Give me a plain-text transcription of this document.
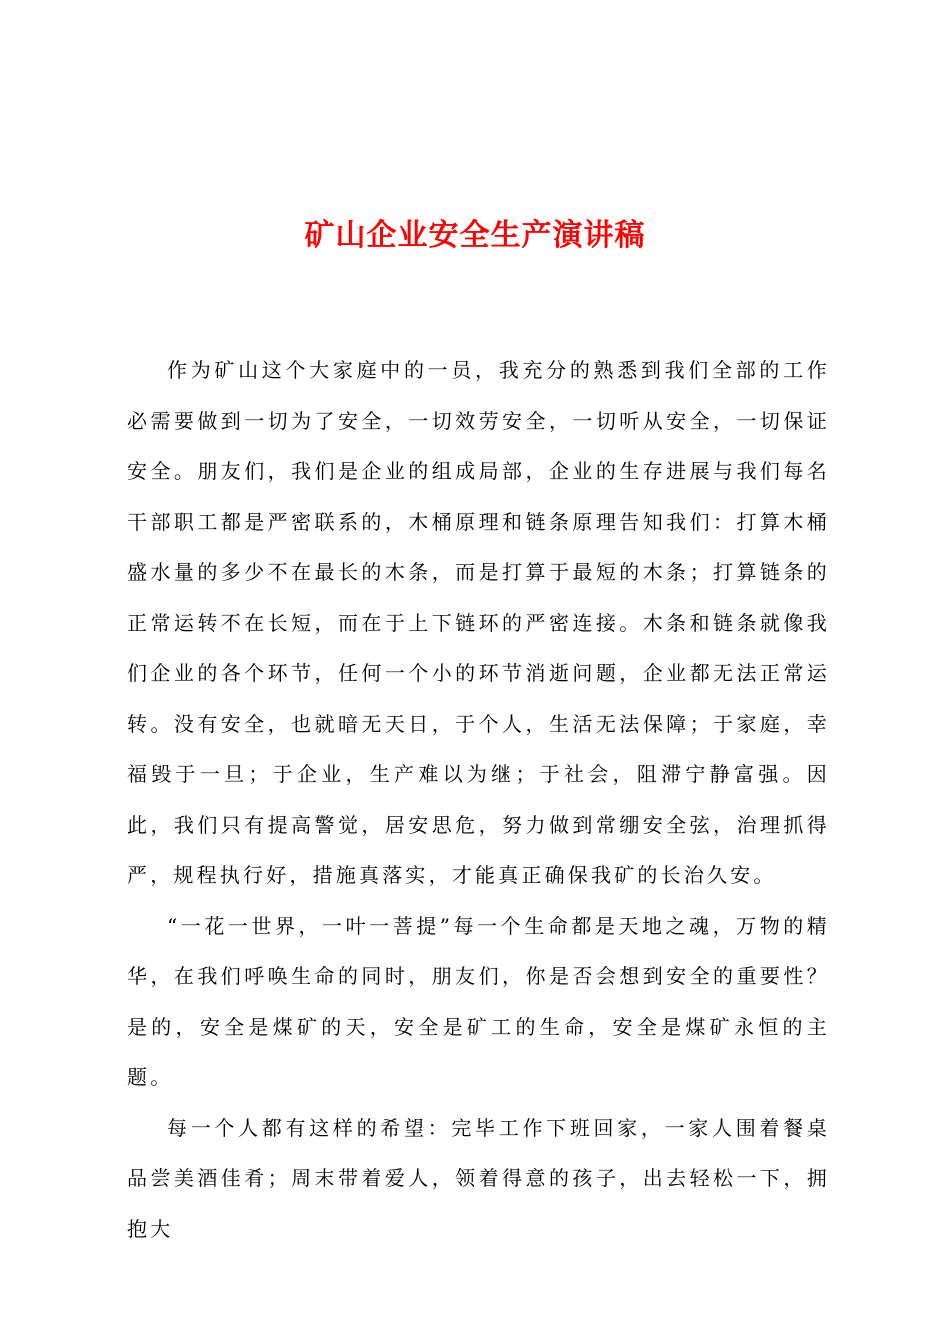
矿山企业安全生产演讲稿

作为矿山这个大家庭中的一员，我充分的熟悉到我们全部的工作必需要做到一切为了安全，一切效劳安全，一切听从安全，一切保证安全。朋友们，我们是企业的组成局部，企业的生存进展与我们每名干部职工都是严密联系的，木桶原理和链条原理告知我们：打算木桶盛水量的多少不在最长的木条，而是打算于最短的木条；打算链条的正常运转不在长短，而在于上下链环的严密连接。木条和链条就像我们企业的各个环节，任何一个小的环节消逝问题，企业都无法正常运转。没有安全，也就暗无天日，于个人，生活无法保障；于家庭，幸福毁于一旦；于企业，生产难以为继；于社会，阻滞宁静富强。因此，我们只有提高警觉，居安思危，努力做到常绷安全弦，治理抓得严，规程执行好，措施真落实，才能真正确保我矿的长治久安。

“一花一世界，一叶一菩提”每一个生命都是天地之魂，万物的精华，在我们呼唤生命的同时，朋友们，你是否会想到安全的重要性？是的，安全是煤矿的天，安全是矿工的生命，安全是煤矿永恒的主题。

每一个人都有这样的希望：完毕工作下班回家，一家人围着餐桌品尝美酒佳肴；周末带着爱人，领着得意的孩子，出去轻松一下，拥抱大
